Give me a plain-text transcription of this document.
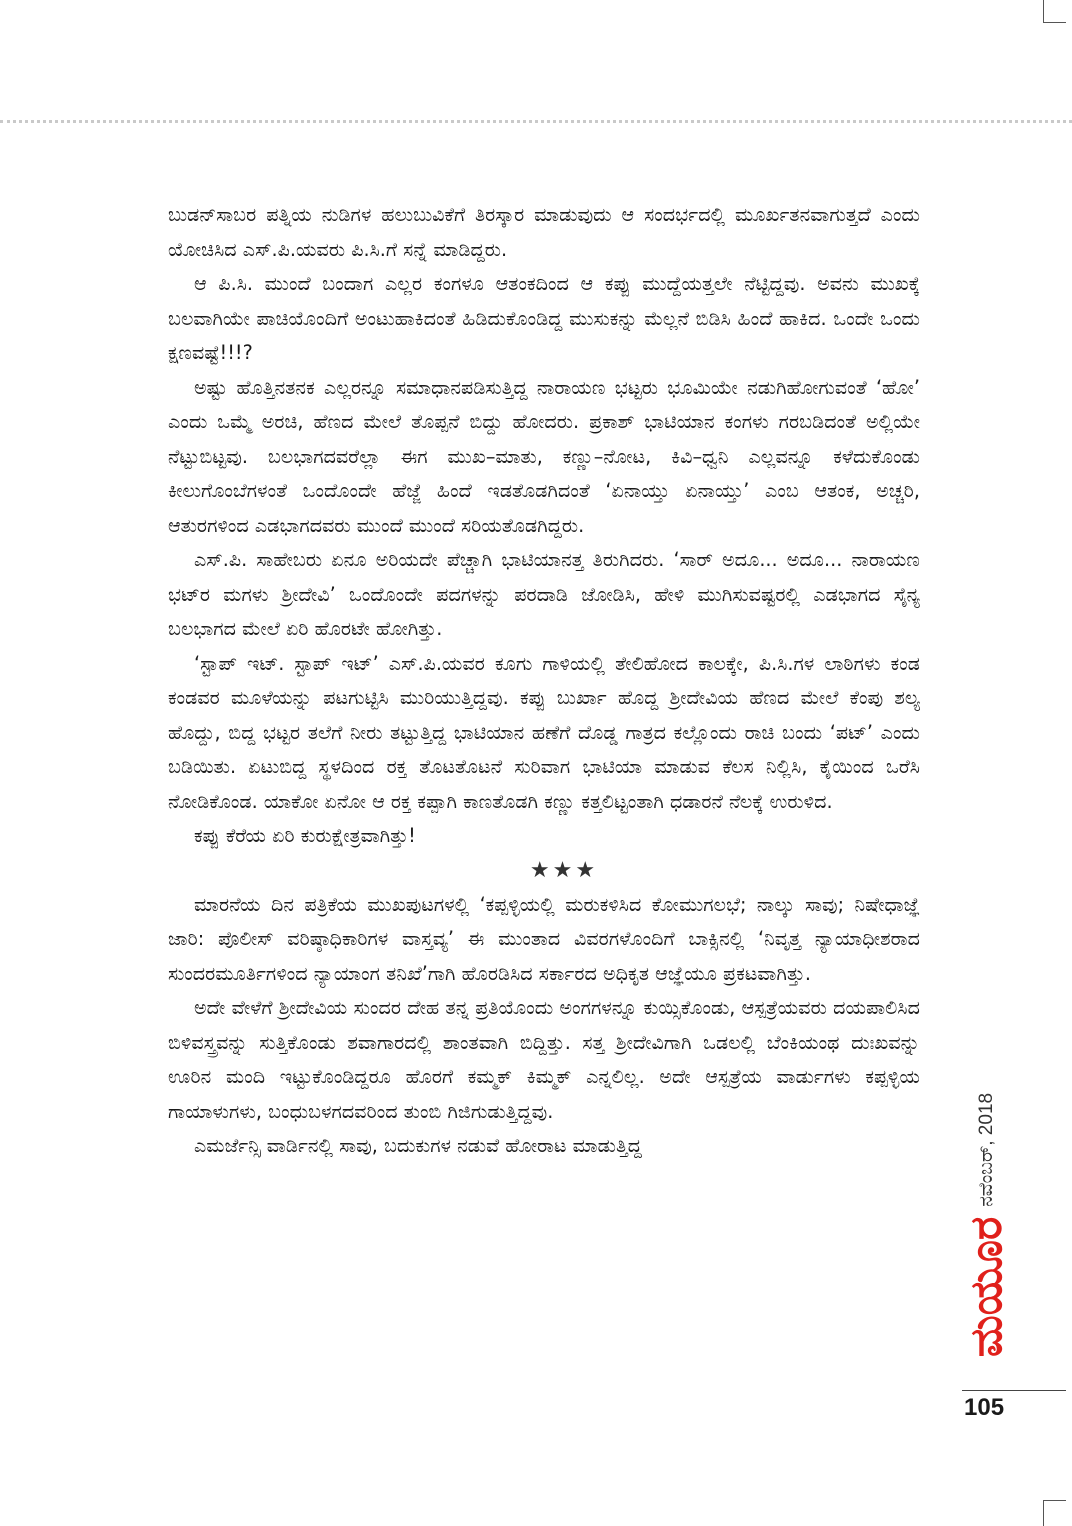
ಬುಡನ್‌ಸಾಬರ ಪತ್ನಿಯ ನುಡಿಗಳ ಹಲುಬುವಿಕೆಗೆ ತಿರಸ್ಕಾರ ಮಾಡುವುದು ಆ ಸಂದರ್ಭದಲ್ಲಿ ಮೂರ್ಖತನವಾಗುತ್ತದೆ ಎಂದು ಯೋಚಿಸಿದ ಎಸ್.ಪಿ.ಯವರು ಪಿ.ಸಿ.ಗೆ ಸನ್ನೆ ಮಾಡಿದ್ದರು.

ಆ ಪಿ.ಸಿ. ಮುಂದೆ ಬಂದಾಗ ಎಲ್ಲರ ಕಂಗಳೂ ಆತಂಕದಿಂದ ಆ ಕಪ್ಪು ಮುದ್ದೆಯತ್ತಲೇ ನೆಟ್ಟಿದ್ದವು. ಅವನು ಮುಖಕ್ಕೆ ಬಲವಾಗಿಯೇ ಪಾಚಿಯೊಂದಿಗೆ ಅಂಟುಹಾಕಿದಂತೆ ಹಿಡಿದುಕೊಂಡಿದ್ದ ಮುಸುಕನ್ನು ಮೆಲ್ಲನೆ ಬಿಡಿಸಿ ಹಿಂದೆ ಹಾಕಿದ. ಒಂದೇ ಒಂದು ಕ್ಷಣವಷ್ಟೆ!!!?

ಅಷ್ಟು ಹೊತ್ತಿನತನಕ ಎಲ್ಲರನ್ನೂ ಸಮಾಧಾನಪಡಿಸುತ್ತಿದ್ದ ನಾರಾಯಣ ಭಟ್ಟರು ಭೂಮಿಯೇ ನಡುಗಿಹೋಗುವಂತೆ ‘ಹೋ’ ಎಂದು ಒಮ್ಮೆ ಅರಚಿ, ಹೆಣದ ಮೇಲೆ ತೊಪ್ಪನೆ ಬಿದ್ದು ಹೋದರು. ಪ್ರಕಾಶ್ ಭಾಟಿಯಾನ ಕಂಗಳು ಗರಬಡಿದಂತೆ ಅಲ್ಲಿಯೇ ನೆಟ್ಟುಬಿಟ್ಟವು. ಬಲಭಾಗದವರೆಲ್ಲಾ ಈಗ ಮುಖ–ಮಾತು, ಕಣ್ಣು–ನೋಟ, ಕಿವಿ–ಧ್ವನಿ ಎಲ್ಲವನ್ನೂ ಕಳೆದುಕೊಂಡು ಕೀಲುಗೊಂಬೆಗಳಂತೆ ಒಂದೊಂದೇ ಹೆಜ್ಜೆ ಹಿಂದೆ ಇಡತೊಡಗಿದಂತೆ ‘ಏನಾಯ್ತು ಏನಾಯ್ತು’ ಎಂಬ ಆತಂಕ, ಅಚ್ಚರಿ, ಆತುರಗಳಿಂದ ಎಡಭಾಗದವರು ಮುಂದೆ ಮುಂದೆ ಸರಿಯತೊಡಗಿದ್ದರು.

ಎಸ್.ಪಿ. ಸಾಹೇಬರು ಏನೂ ಅರಿಯದೇ ಪೆಚ್ಚಾಗಿ ಭಾಟಿಯಾನತ್ತ ತಿರುಗಿದರು. ‘ಸಾರ್ ಅದೂ... ಅದೂ... ನಾರಾಯಣ ಭಟ್‌ರ ಮಗಳು ಶ್ರೀದೇವಿ’ ಒಂದೊಂದೇ ಪದಗಳನ್ನು ಪರದಾಡಿ ಜೋಡಿಸಿ, ಹೇಳಿ ಮುಗಿಸುವಷ್ಟರಲ್ಲಿ ಎಡಭಾಗದ ಸೈನ್ಯ ಬಲಭಾಗದ ಮೇಲೆ ಏರಿ ಹೊರಟೇ ಹೋಗಿತ್ತು.

‘ಸ್ಟಾಪ್ ಇಟ್. ಸ್ಟಾಪ್ ಇಟ್’ ಎಸ್.ಪಿ.ಯವರ ಕೂಗು ಗಾಳಿಯಲ್ಲಿ ತೇಲಿಹೋದ ಕಾಲಕ್ಕೇ, ಪಿ.ಸಿ.ಗಳ ಲಾಠಿಗಳು ಕಂಡ ಕಂಡವರ ಮೂಳೆಯನ್ನು ಪಟಗುಟ್ಟಿಸಿ ಮುರಿಯುತ್ತಿದ್ದವು. ಕಪ್ಪು ಬುರ್ಖಾ ಹೊದ್ದ ಶ್ರೀದೇವಿಯ ಹೆಣದ ಮೇಲೆ ಕೆಂಪು ಶಲ್ಯ ಹೊದ್ದು, ಬಿದ್ದ ಭಟ್ಟರ ತಲೆಗೆ ನೀರು ತಟ್ಟುತ್ತಿದ್ದ ಭಾಟಿಯಾನ ಹಣೆಗೆ ದೊಡ್ಡ ಗಾತ್ರದ ಕಲ್ಲೊಂದು ರಾಚಿ ಬಂದು ‘ಪಟ್’ ಎಂದು ಬಡಿಯಿತು. ಏಟುಬಿದ್ದ ಸ್ಥಳದಿಂದ ರಕ್ತ ತೊಟತೊಟನೆ ಸುರಿವಾಗ ಭಾಟಿಯಾ ಮಾಡುವ ಕೆಲಸ ನಿಲ್ಲಿಸಿ, ಕೈಯಿಂದ ಒರೆಸಿ ನೋಡಿಕೊಂಡ. ಯಾಕೋ ಏನೋ ಆ ರಕ್ತ ಕಪ್ಪಾಗಿ ಕಾಣತೊಡಗಿ ಕಣ್ಣು ಕತ್ತಲಿಟ್ಟಂತಾಗಿ ಧಡಾರನೆ ನೆಲಕ್ಕೆ ಉರುಳಿದ.

ಕಪ್ಪು ಕೆರೆಯ ಏರಿ ಕುರುಕ್ಷೇತ್ರವಾಗಿತ್ತು!

★★★

ಮಾರನೆಯ ದಿನ ಪತ್ರಿಕೆಯ ಮುಖಪುಟಗಳಲ್ಲಿ ‘ಕಪ್ಪಳ್ಳಿಯಲ್ಲಿ ಮರುಕಳಿಸಿದ ಕೋಮುಗಲಭೆ; ನಾಲ್ಕು ಸಾವು; ನಿಷೇಧಾಜ್ಞೆ ಜಾರಿ: ಪೊಲೀಸ್ ವರಿಷ್ಠಾಧಿಕಾರಿಗಳ ವಾಸ್ತವ್ಯ’ ಈ ಮುಂತಾದ ವಿವರಗಳೊಂದಿಗೆ ಬಾಕ್ಸಿನಲ್ಲಿ ‘ನಿವೃತ್ತ ನ್ಯಾಯಾಧೀಶರಾದ ಸುಂದರಮೂರ್ತಿಗಳಿಂದ ನ್ಯಾಯಾಂಗ ತನಿಖೆ’ಗಾಗಿ ಹೊರಡಿಸಿದ ಸರ್ಕಾರದ ಅಧಿಕೃತ ಆಜ್ಞೆಯೂ ಪ್ರಕಟವಾಗಿತ್ತು.

ಅದೇ ವೇಳೆಗೆ ಶ್ರೀದೇವಿಯ ಸುಂದರ ದೇಹ ತನ್ನ ಪ್ರತಿಯೊಂದು ಅಂಗಗಳನ್ನೂ ಕುಯ್ಸಿಕೊಂಡು, ಆಸ್ಪತ್ರೆಯವರು ದಯಪಾಲಿಸಿದ ಬಿಳಿವಸ್ತ್ರವನ್ನು ಸುತ್ತಿಕೊಂಡು ಶವಾಗಾರದಲ್ಲಿ ಶಾಂತವಾಗಿ ಬಿದ್ದಿತ್ತು. ಸತ್ತ ಶ್ರೀದೇವಿಗಾಗಿ ಒಡಲಲ್ಲಿ ಬೆಂಕಿಯಂಥ ದುಃಖವನ್ನು ಊರಿನ ಮಂದಿ ಇಟ್ಟುಕೊಂಡಿದ್ದರೂ ಹೊರಗೆ ಕಮ್ಮಕ್ ಕಿಮ್ಮಕ್ ಎನ್ನಲಿಲ್ಲ. ಅದೇ ಆಸ್ಪತ್ರೆಯ ವಾರ್ಡುಗಳು ಕಪ್ಪಳ್ಳಿಯ ಗಾಯಾಳುಗಳು, ಬಂಧುಬಳಗದವರಿಂದ ತುಂಬಿ ಗಿಜಿಗುಡುತ್ತಿದ್ದವು.

ಎಮರ್ಜೆನ್ಸಿ ವಾರ್ಡಿನಲ್ಲಿ ಸಾವು, ಬದುಕುಗಳ ನಡುವೆ ಹೋರಾಟ ಮಾಡುತ್ತಿದ್ದ

ಮಯೂರ
ನವೆಂಬರ್, 2018
105
